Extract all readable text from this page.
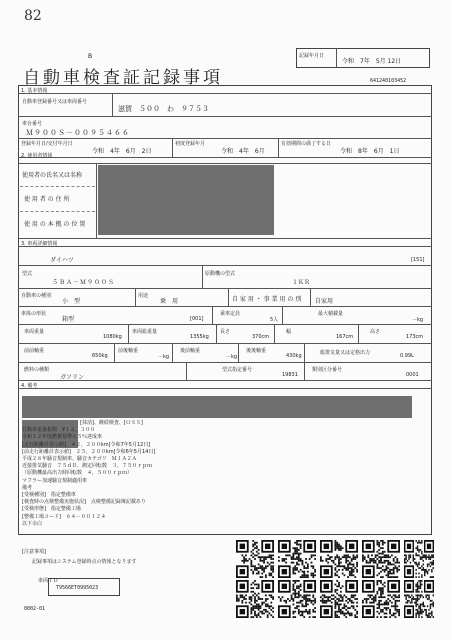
82
B
自動車検査証記録事項
記録年月日
令和　7年　5月 12日
641240103452
1. 基本情報
自動車登録番号又は車両番号
滋賀　５００　わ　９７５３
車台番号
Ｍ９００Ｓ－００９５４６６
登録年月日/交付年月日
令和　4年　6月　2日
初度登録年月
令和　4年　6月
有効期間の満了する日
令和　8年　6月　1日
2. 使用者情報
使用者の氏名又は名称
使 用 者 の 住 所
使 用 の 本 拠 の 位 置
3. 車両詳細情報
ダイハツ	[151]
型式
５ＢＡ－Ｍ９００Ｓ
原動機の型式
１ＫＲ
自動車の種別
小　型
用途
乗　用	自 家 用 ・ 事 業 用 の 別 自家用
車体の形状
箱型	[001]
乗車定員
5人
最大積載量
－kg
車両重量
1080kg
車両総重量
1355kg
長さ
370cm
幅
167cm
高さ
173cm
前前軸重
650kg
前後軸重
－kg
後前軸重
－kg
後後軸重
430kg	総排気量又は定格出力	0.99L
燃料の種類
ガソリン
型式指定番号
19831
類別区分番号
0001
4. 備考
[抹消]、継続検査、[ＯＳＳ]
自動車重量税額　¥１２，３００
令和１２年度燃費基準６５％達成車
[走行距離計表示値]　４２，２００km[令和7年5月12日]
[前走行距離計表示値]　２５，２００km[令和6年5月14日]
平成２８年騒音規制車、騒音カテゴリ　Ｍ１Ａ２Ａ
近接排気騒音　７５ｄＢ、測定回転数　３，７５０ｒｐｍ
（原動機最高出力時回転数　４，５００ｒｐｍ）
マフラー加速騒音規制適用車
備考
[受検種別]　指定整備車
[検査時の点検整備実施状況]　点検整備記録簿記載あり
[受検形態]　指定整備工場
[整備工場コード]　６４－００１２４
以下余白
[注意事項]
記録事項はシステム登録時点の情報となります
車両ＩＤ
T9566ET0995023
0002-01
